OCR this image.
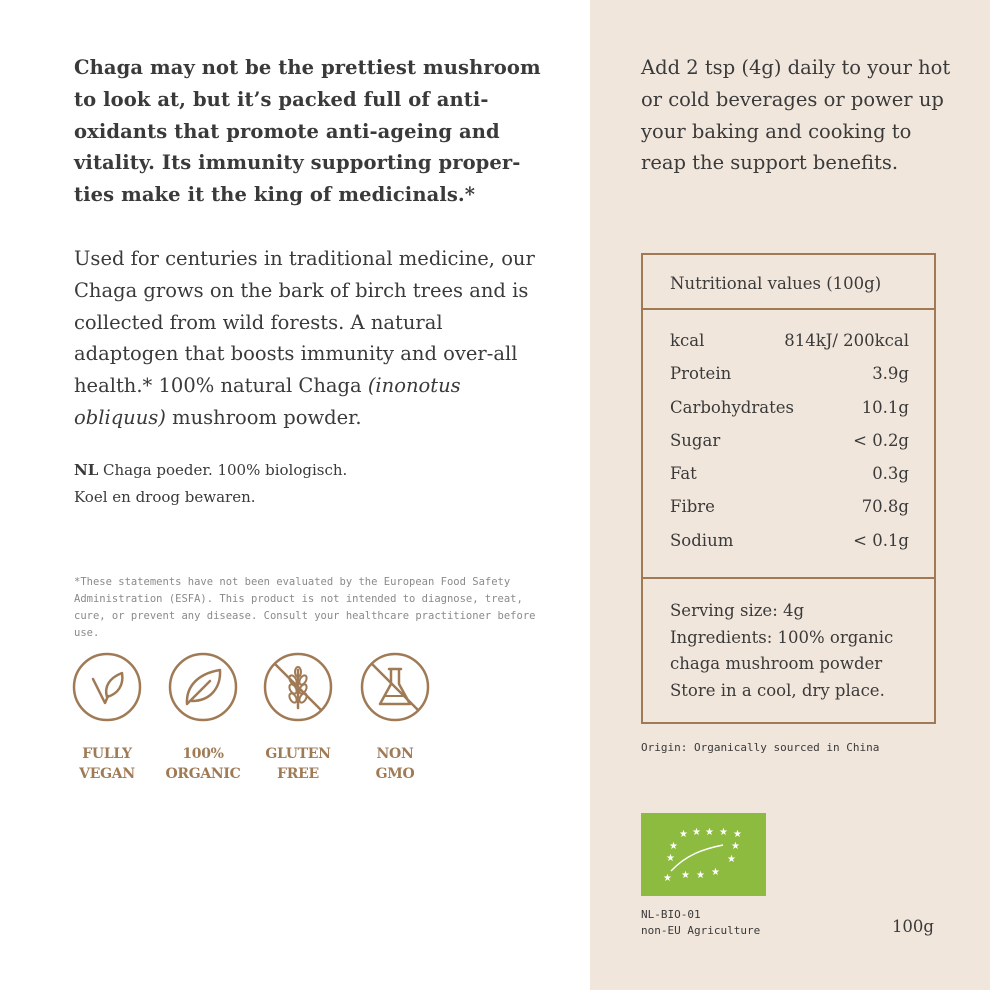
Chaga may not be the prettiest mushroom to look at, but it’s packed full of anti-oxidants that promote anti-ageing and vitality. Its immunity supporting proper-ties make it the king of medicinals.*
Used for centuries in traditional medicine, our Chaga grows on the bark of birch trees and is collected from wild forests. A natural adaptogen that boosts immunity and over-all health.* 100% natural Chaga (inonotus obliquus) mushroom powder.
NL Chaga poeder. 100% biologisch.
Koel en droog bewaren.
*These statements have not been evaluated by the European Food Safety Administration (ESFA). This product is not intended to diagnose, treat, cure, or prevent any disease. Consult your healthcare practitioner before use.
FULLY
VEGAN
100%
ORGANIC
GLUTEN
FREE
NON
GMO
Add 2 tsp (4g) daily to your hot or cold beverages or power up your baking and cooking to reap the support benefits.
Nutritional values (100g)
kcal	814kJ/ 200kcal
Protein	3.9g
Carbohydrates	10.1g
Sugar	< 0.2g
Fat	0.3g
Fibre	70.8g
Sodium	< 0.1g
Serving size: 4g
Ingredients: 100% organic
chaga mushroom powder
Store in a cool, dry place.
Origin: Organically sourced in China
★ ★ ★ ★ ★
★	★
★	★
★ ★ ★ ★
NL-BIO-01
non-EU Agriculture	100g
